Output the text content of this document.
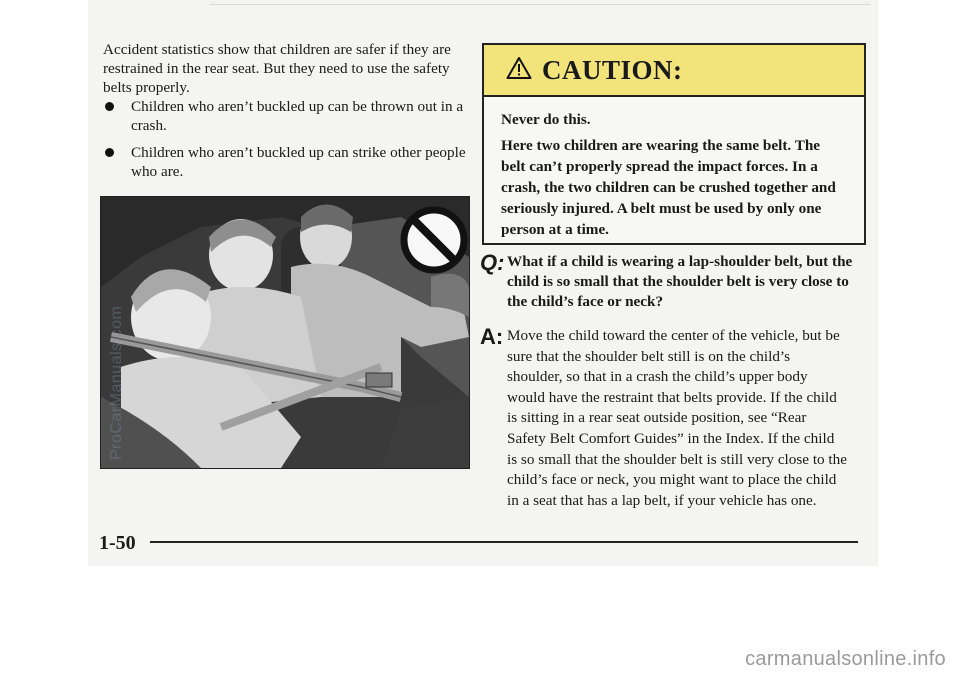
Accident statistics show that children are safer if they are restrained in the rear seat. But they need to use the safety belts properly.

Children who aren’t buckled up can be thrown out in a crash.
Children who aren’t buckled up can strike other people who are.
ProCarManuals.com
CAUTION:

Never do this.

Here two children are wearing the same belt. The belt can’t properly spread the impact forces. In a crash, the two children can be crushed together and seriously injured. A belt must be used by only one person at a time.

Q: What if a child is wearing a lap-shoulder belt, but the child is so small that the shoulder belt is very close to the child’s face or neck?
A: Move the child toward the center of the vehicle, but be sure that the shoulder belt still is on the child’s shoulder, so that in a crash the child’s upper body would have the restraint that belts provide. If the child is sitting in a rear seat outside position, see “Rear Safety Belt Comfort Guides” in the Index. If the child is so small that the shoulder belt is still very close to the child’s face or neck, you might want to place the child in a seat that has a lap belt, if your vehicle has one.
1-50
carmanualsonline.info
